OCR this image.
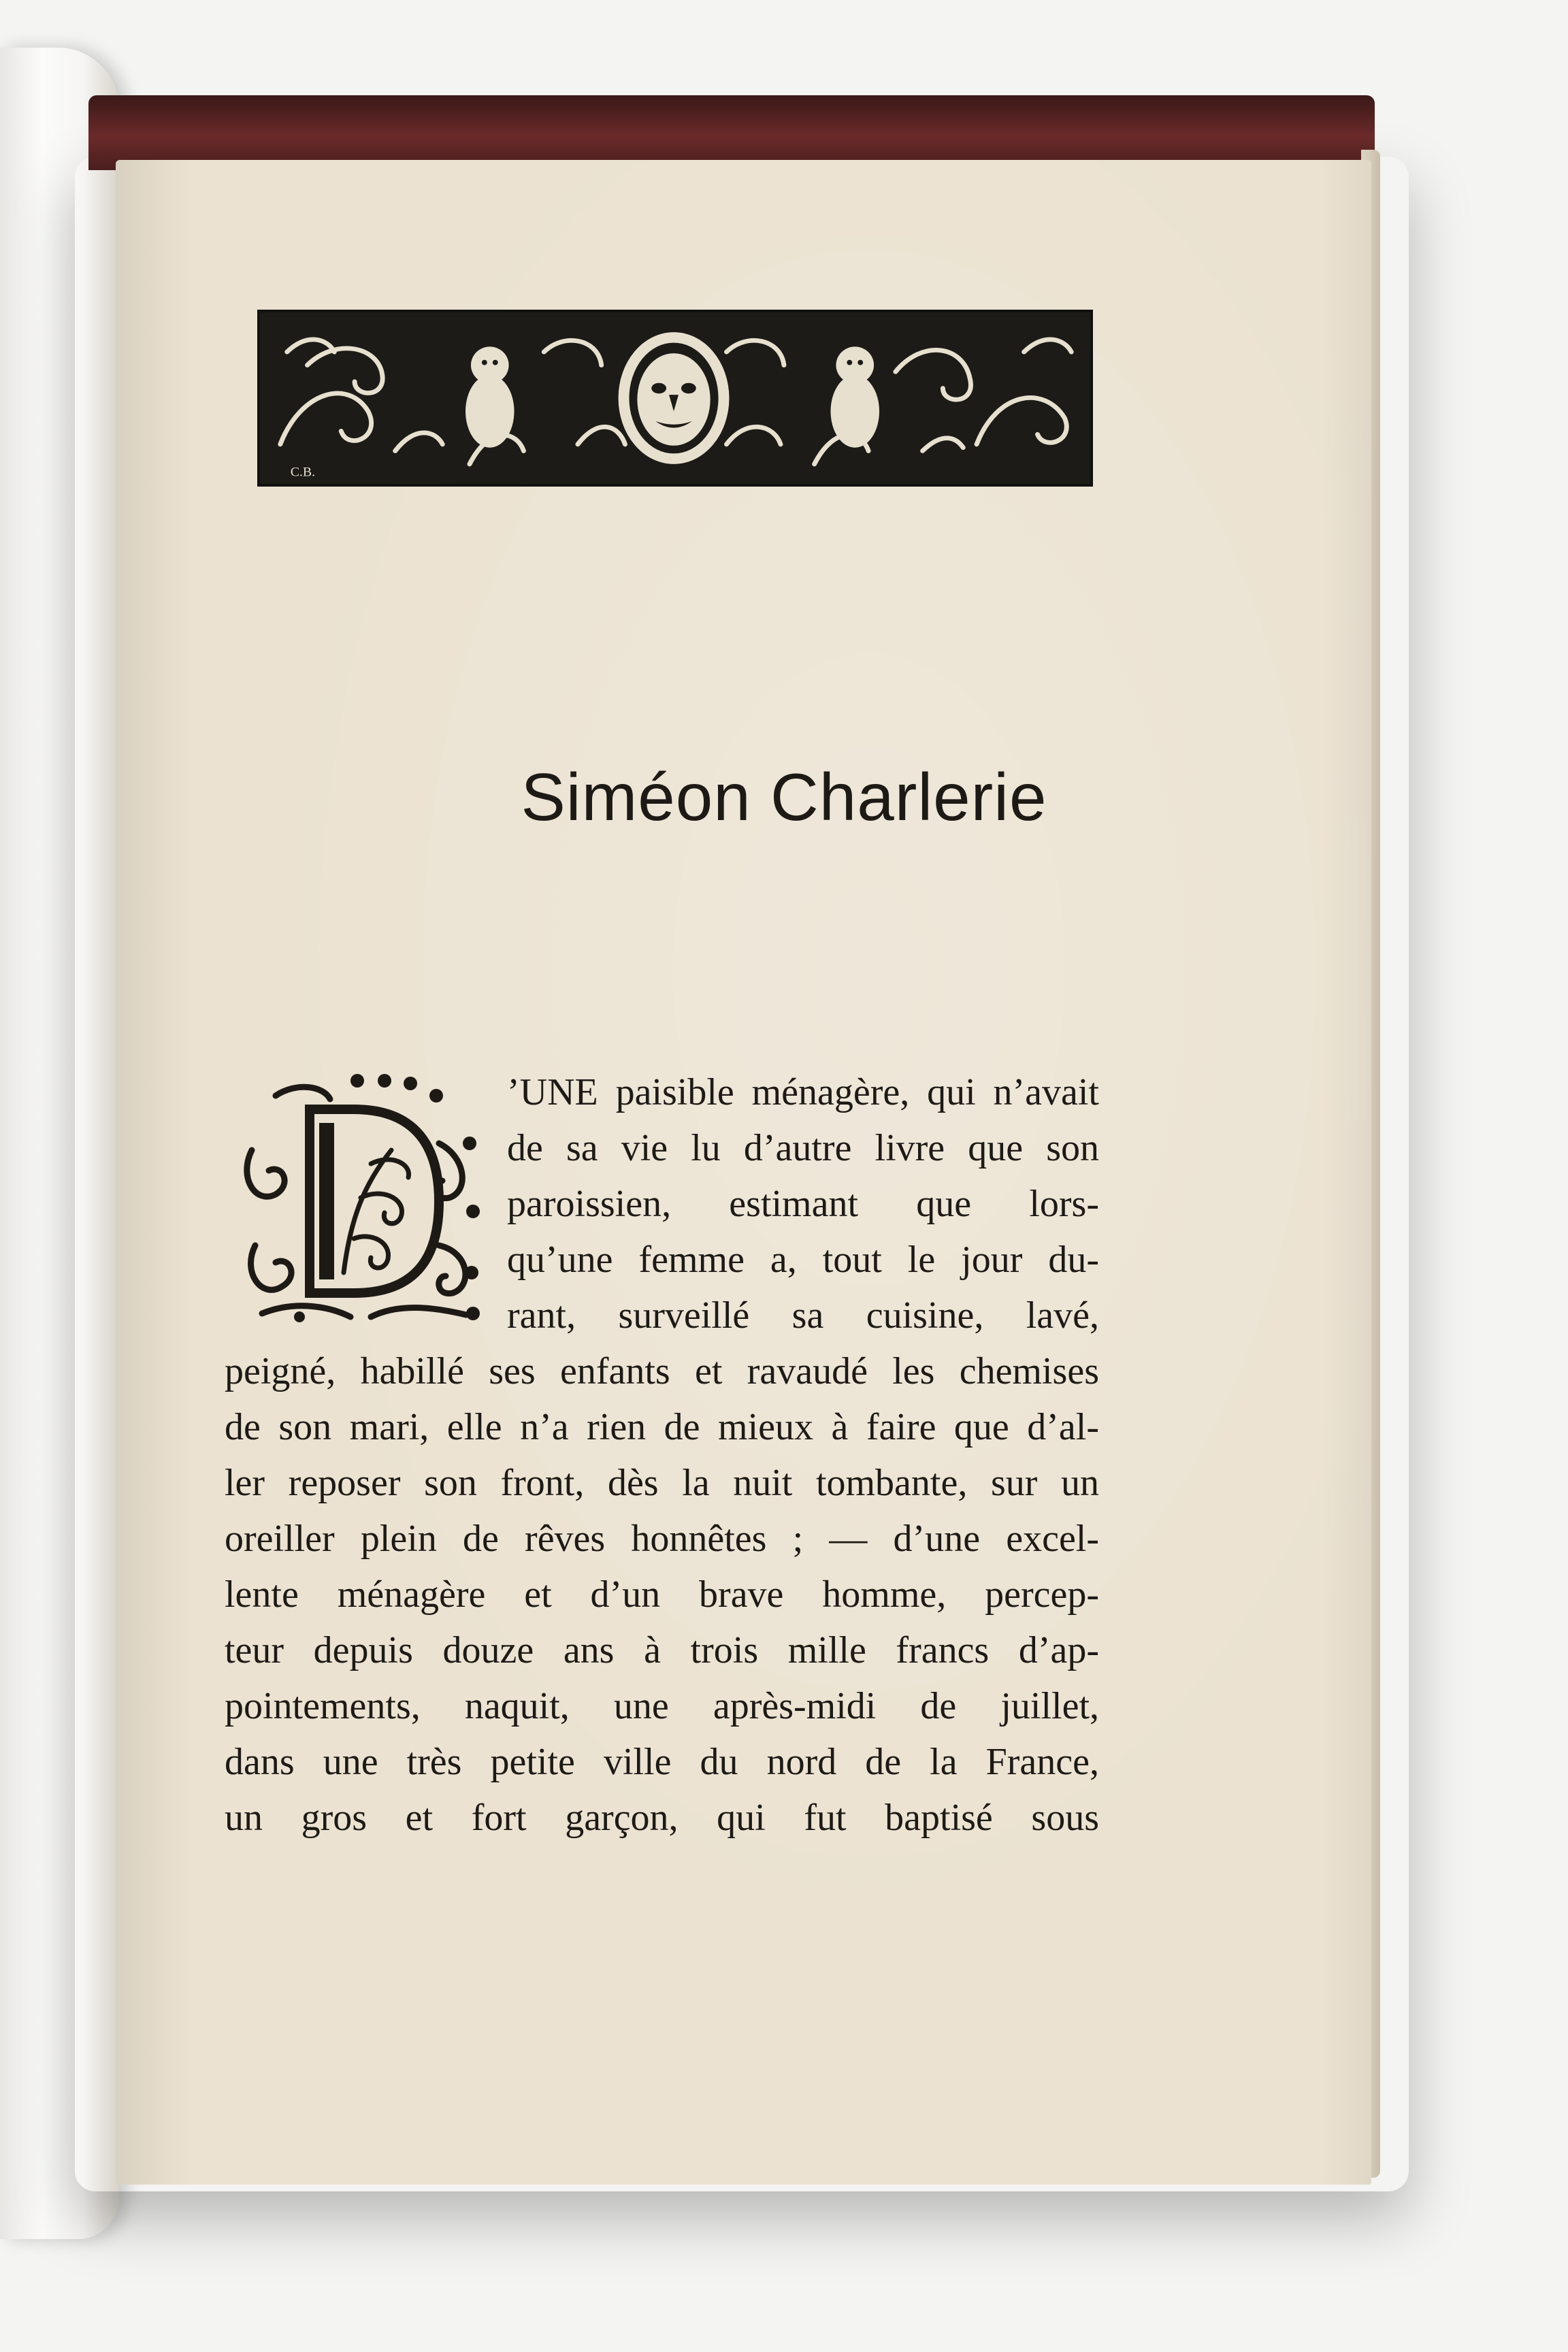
C.B.
Siméon Charlerie
D
’UNE paisible ménagère, qui n’avait
de sa vie lu d’autre livre que son
paroissien, estimant que lors-
qu’une femme a, tout le jour du-
rant, surveillé sa cuisine, lavé,
peigné, habillé ses enfants et ravaudé les chemises
de son mari, elle n’a rien de mieux à faire que d’al-
ler reposer son front, dès la nuit tombante, sur un
oreiller plein de rêves honnêtes ; — d’une excel-
lente ménagère et d’un brave homme, percep-
teur depuis douze ans à trois mille francs d’ap-
pointements, naquit, une après-midi de juillet,
dans une très petite ville du nord de la France,
un gros et fort garçon, qui fut baptisé sous
